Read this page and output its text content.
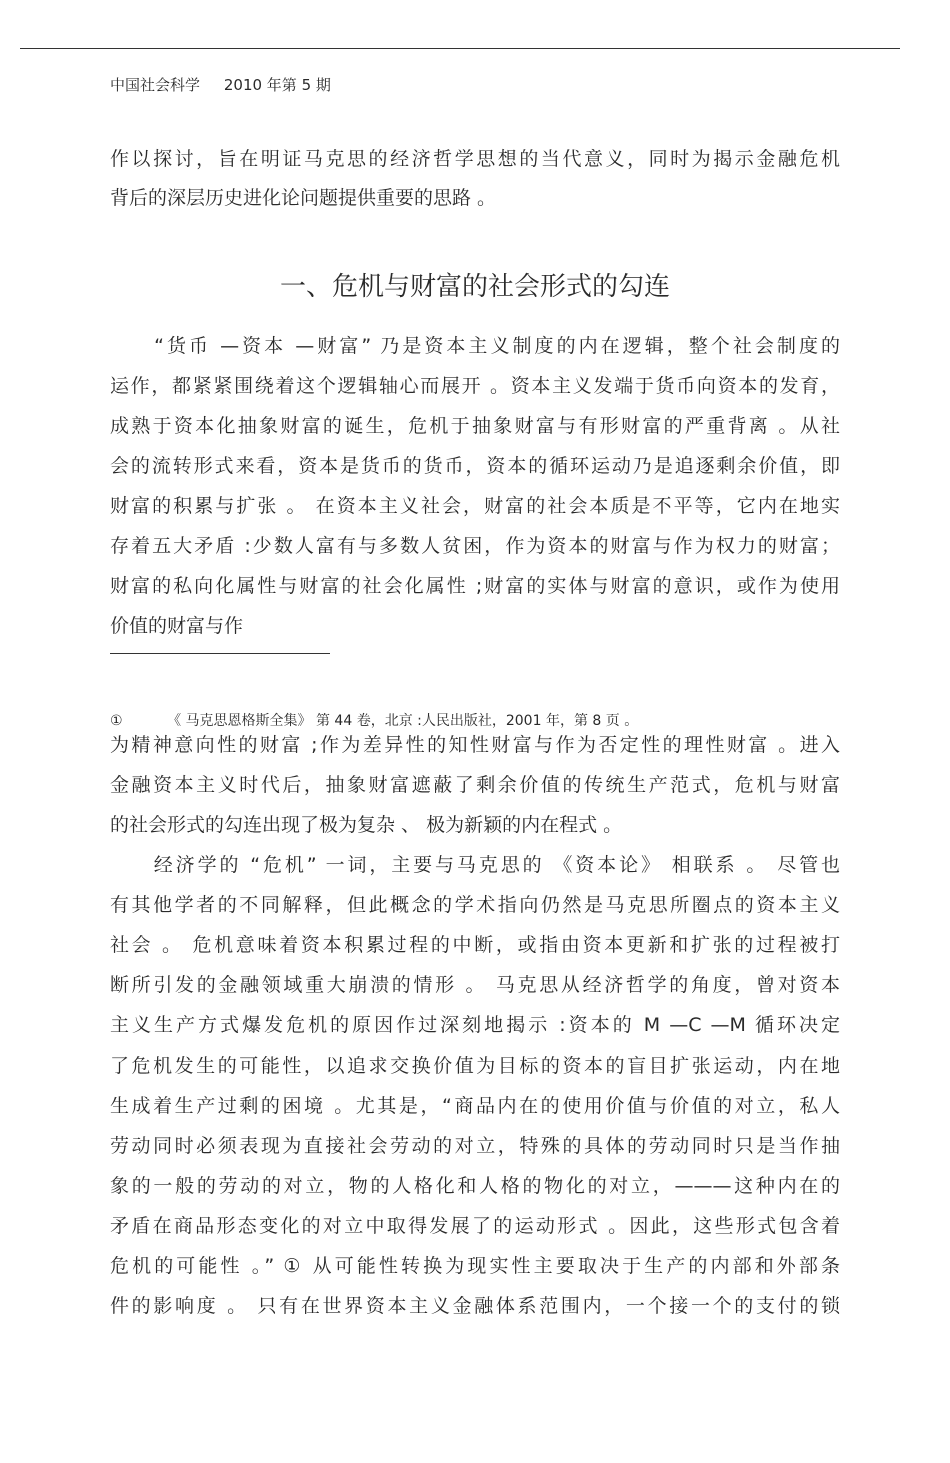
中国社会科学 2010 年第 5 期
作以探讨，旨在明证马克思的经济哲学思想的当代意义，同时为揭示金融危机
背后的深层历史进化论问题提供重要的思路 。
一、危机与财富的社会形式的勾连
　　“货币 —资本 —财富” 乃是资本主义制度的内在逻辑，整个社会制度的
运作，都紧紧围绕着这个逻辑轴心而展开 。资本主义发端于货币向资本的发育，
成熟于资本化抽象财富的诞生，危机于抽象财富与有形财富的严重背离 。从社
会的流转形式来看，资本是货币的货币，资本的循环运动乃是追逐剩余价值，即
财富的积累与扩张 。 在资本主义社会，财富的社会本质是不平等，它内在地实
存着五大矛盾 :少数人富有与多数人贫困，作为资本的财富与作为权力的财富；
财富的私向化属性与财富的社会化属性 ;财富的实体与财富的意识，或作为使用
价值的财富与作
①	《 马克思恩格斯全集》 第 44 卷，北京 :人民出版社，2001 年，第 8 页 。
为精神意向性的财富 ;作为差异性的知性财富与作为否定性的理性财富 。进入
金融资本主义时代后，抽象财富遮蔽了剩余价值的传统生产范式，危机与财富
的社会形式的勾连出现了极为复杂 、 极为新颖的内在程式 。
　　经济学的 “危机” 一词，主要与马克思的 《资本论》 相联系 。 尽管也
有其他学者的不同解释，但此概念的学术指向仍然是马克思所圈点的资本主义
社会 。 危机意味着资本积累过程的中断，或指由资本更新和扩张的过程被打
断所引发的金融领域重大崩溃的情形 。 马克思从经济哲学的角度，曾对资本
主义生产方式爆发危机的原因作过深刻地揭示 :资本的 M —C —M 循环决定
了危机发生的可能性，以追求交换价值为目标的资本的盲目扩张运动，内在地
生成着生产过剩的困境 。尤其是，“商品内在的使用价值与价值的对立，私人
劳动同时必须表现为直接社会劳动的对立，特殊的具体的劳动同时只是当作抽
象的一般的劳动的对立，物的人格化和人格的物化的对立，———这种内在的
矛盾在商品形态变化的对立中取得发展了的运动形式 。因此，这些形式包含着
危机的可能性 。” ① 从可能性转换为现实性主要取决于生产的内部和外部条
件的影响度 。 只有在世界资本主义金融体系范围内，一个接一个的支付的锁
